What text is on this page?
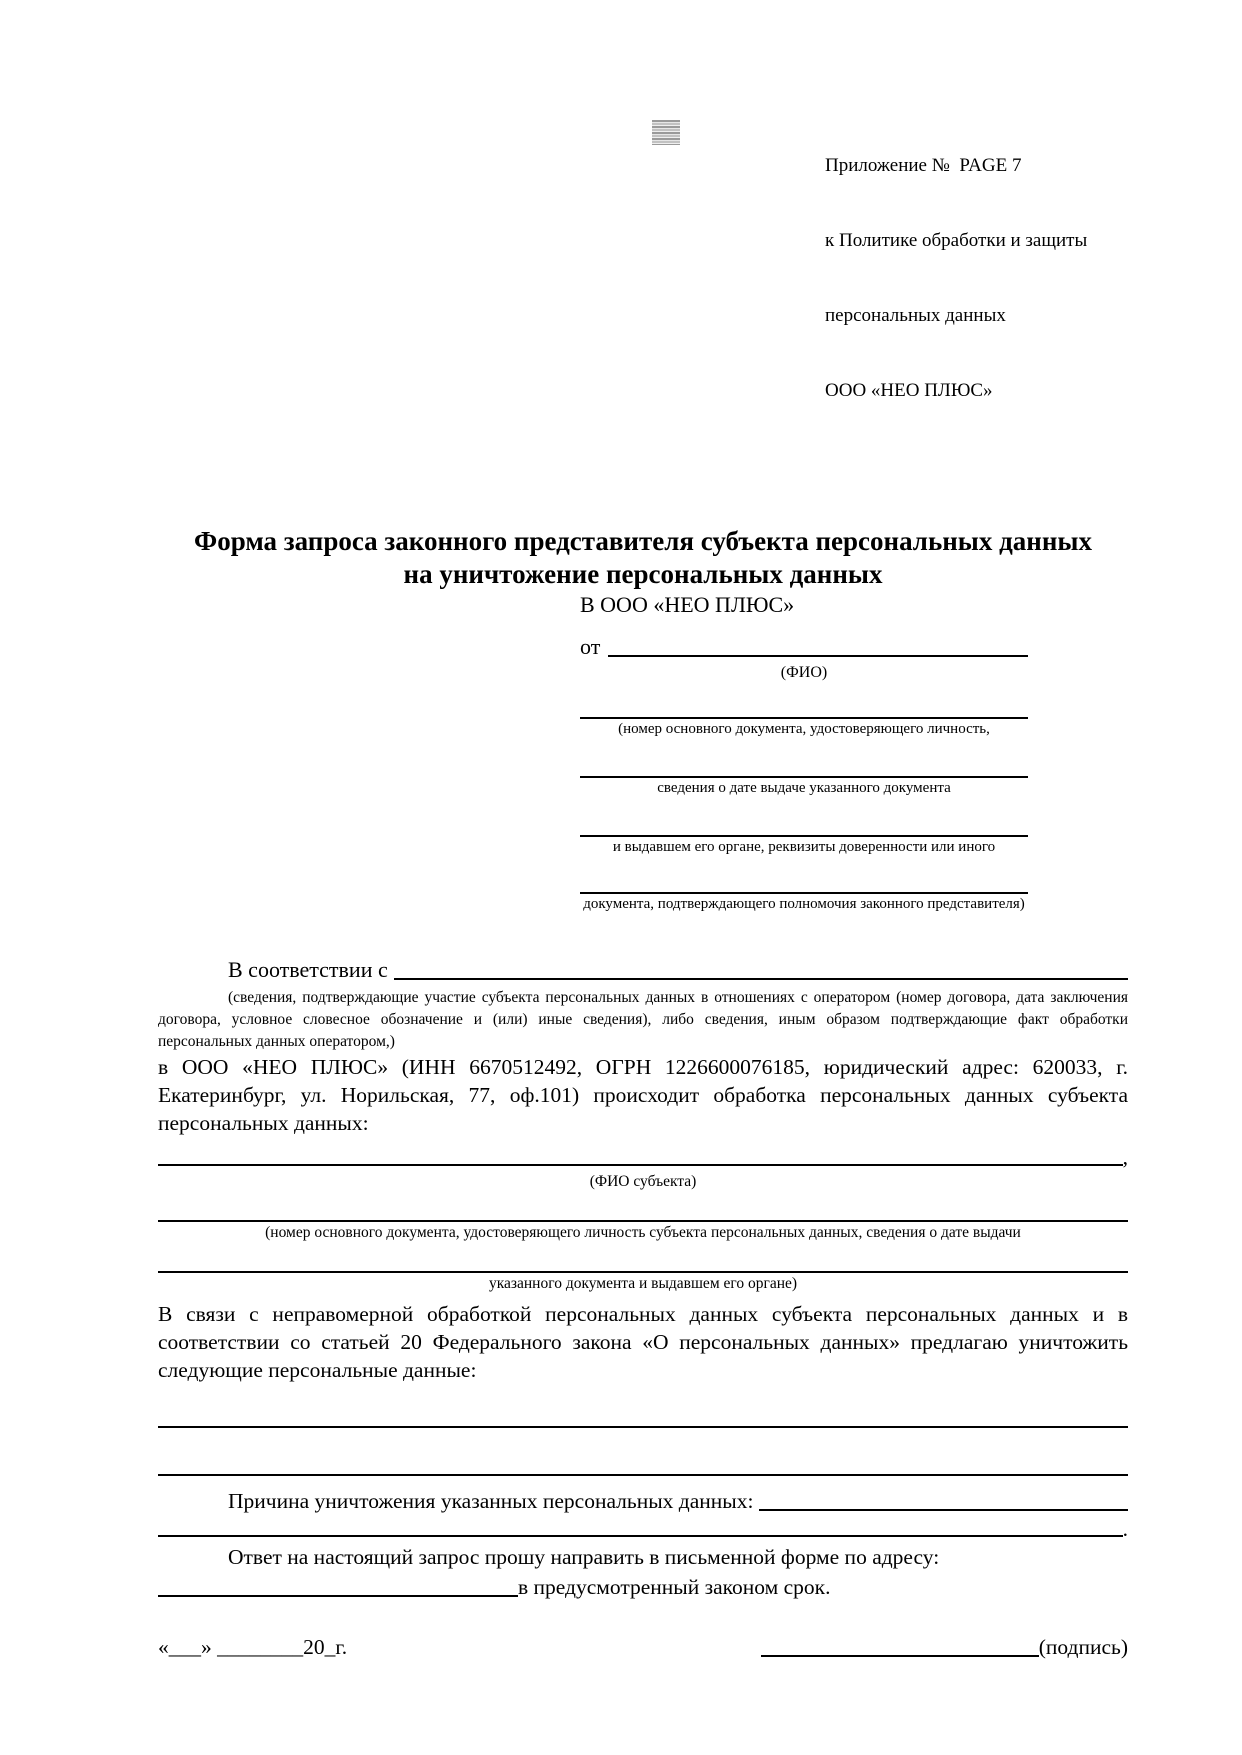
Приложение №  PAGE 7

к Политике обработки и защиты

персональных данных

ООО «НЕО ПЛЮС»

Форма запроса законного представителя субъекта персональных данных
на уничтожение персональных данных
В ООО «НЕО ПЛЮС»
от
(ФИО)
(номер основного документа, удостоверяющего личность,
сведения о дате выдаче указанного документа
и выдавшем его органе, реквизиты доверенности или иного
документа, подтверждающего полномочия законного представителя)
В соответствии с
(сведения, подтверждающие участие субъекта персональных данных в отношениях с оператором (номер договора, дата заключения договора, условное словесное обозначение и (или) иные сведения), либо сведения, иным образом подтверждающие факт обработки персональных данных оператором,)
в ООО «НЕО ПЛЮС» (ИНН 6670512492, ОГРН 1226600076185, юридический адрес: 620033, г. Екатеринбург, ул. Норильская, 77, оф.101) происходит обработка персональных данных субъекта персональных данных:
,
(ФИО субъекта)
(номер основного документа, удостоверяющего личность субъекта персональных данных, сведения о дате выдачи
указанного документа и выдавшем его органе)
В связи с неправомерной обработкой персональных данных субъекта персональных данных и в соответствии со статьей 20 Федерального закона «О персональных данных» предлагаю уничтожить следующие персональные данные:
Причина уничтожения указанных персональных данных:
.
Ответ на настоящий запрос прошу направить в письменной форме по адресу:
в предусмотренный законом срок.
«___» ________20_г.	(подпись)
